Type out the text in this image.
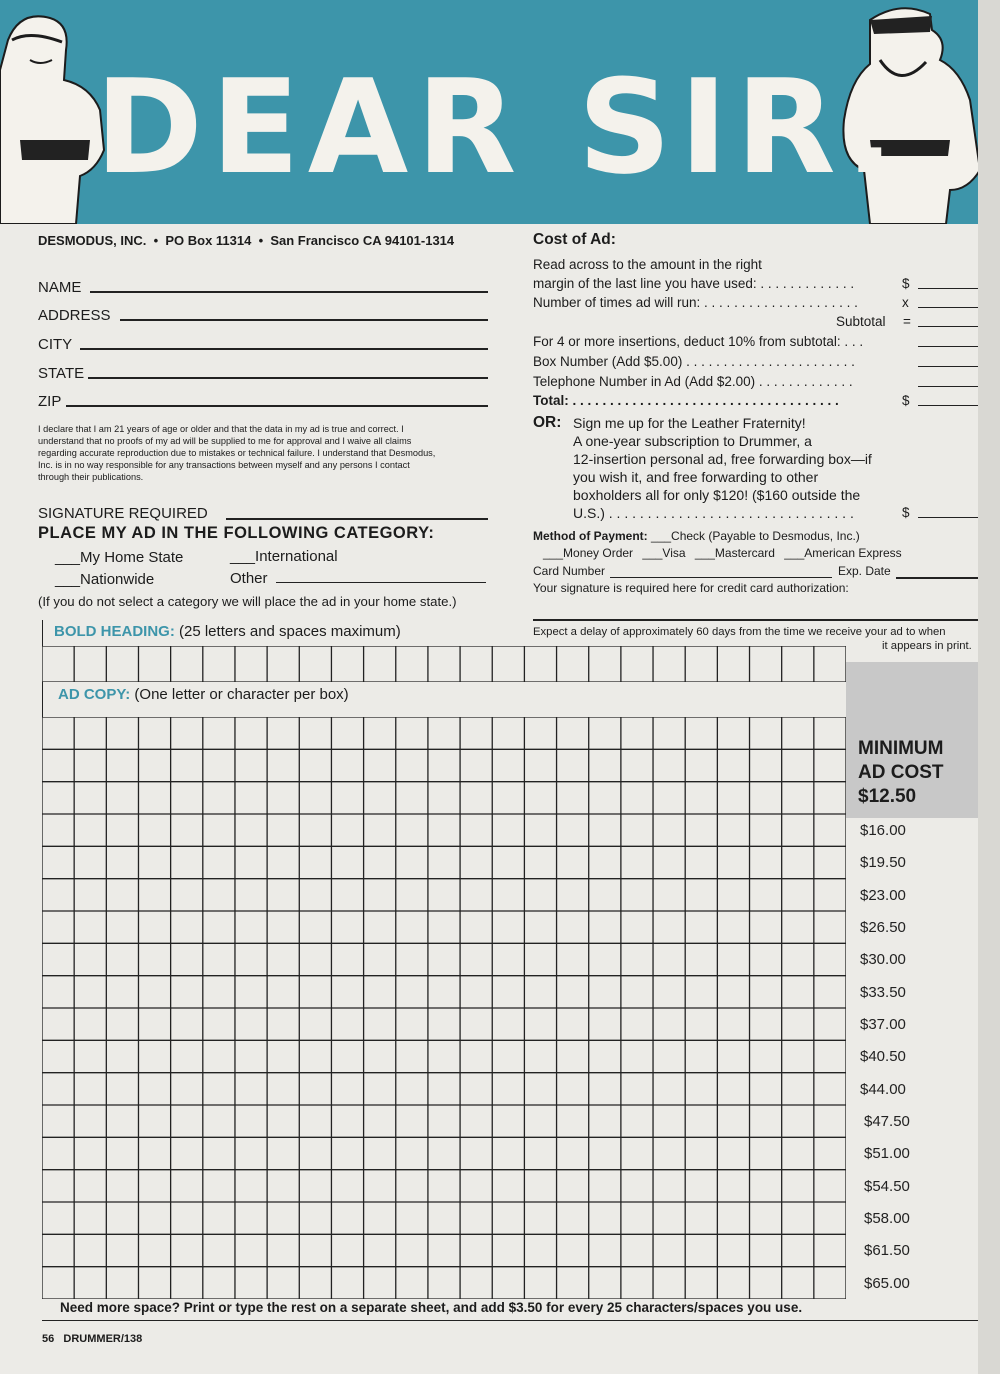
DEAR SIR:
DESMODUS, INC.  •  PO Box 11314  •  San Francisco CA 94101-1314
NAME
ADDRESS
CITY
STATE
ZIP
I declare that I am 21 years of age or older and that the data in my ad is true and correct. I
understand that no proofs of my ad will be supplied to me for approval and I waive all claims
regarding accurate reproduction due to mistakes or technical failure. I understand that Desmodus,
Inc. is in no way responsible for any transactions between myself and any persons I contact
through their publications.
SIGNATURE REQUIRED
PLACE MY AD IN THE FOLLOWING CATEGORY:
___My Home State	___International
___Nationwide	Other
(If you do not select a category we will place the ad in your home state.)
Cost of Ad:
Read across to the amount in the right
margin of the last line you have used: . . . . . . . . . . . . .	$
Number of times ad will run: . . . . . . . . . . . . . . . . . . . . .	x
Subtotal =
For 4 or more insertions, deduct 10% from subtotal: . . .
Box Number (Add $5.00) . . . . . . . . . . . . . . . . . . . . . . .
Telephone Number in Ad (Add $2.00) . . . . . . . . . . . . .
Total: . . . . . . . . . . . . . . . . . . . . . . . . . . . . . . . . . . . .	$
OR: Sign me up for the Leather Fraternity!
A one-year subscription to Drummer, a
12-insertion personal ad, free forwarding box—if
you wish it, and free forwarding to other
boxholders all for only $120! ($160 outside the
U.S.) . . . . . . . . . . . . . . . . . . . . . . . . . . . . . . . .	$
Method of Payment: ___Check (Payable to Desmodus, Inc.)
___Money Order ___Visa ___Mastercard ___American Express
Card Number	Exp. Date
Your signature is required here for credit card authorization:
Expect a delay of approximately 60 days from the time we receive your ad to when
it appears in print.
BOLD HEADING: (25 letters and spaces maximum)
AD COPY: (One letter or character per box)
MINIMUM
AD COST
$12.50
$16.00
$19.50
$23.00
$26.50
$30.00
$33.50
$37.00
$40.50
$44.00
$47.50
$51.00
$54.50
$58.00
$61.50
$65.00
Need more space? Print or type the rest on a separate sheet, and add $3.50 for every 25 characters/spaces you use.
56 DRUMMER/138
